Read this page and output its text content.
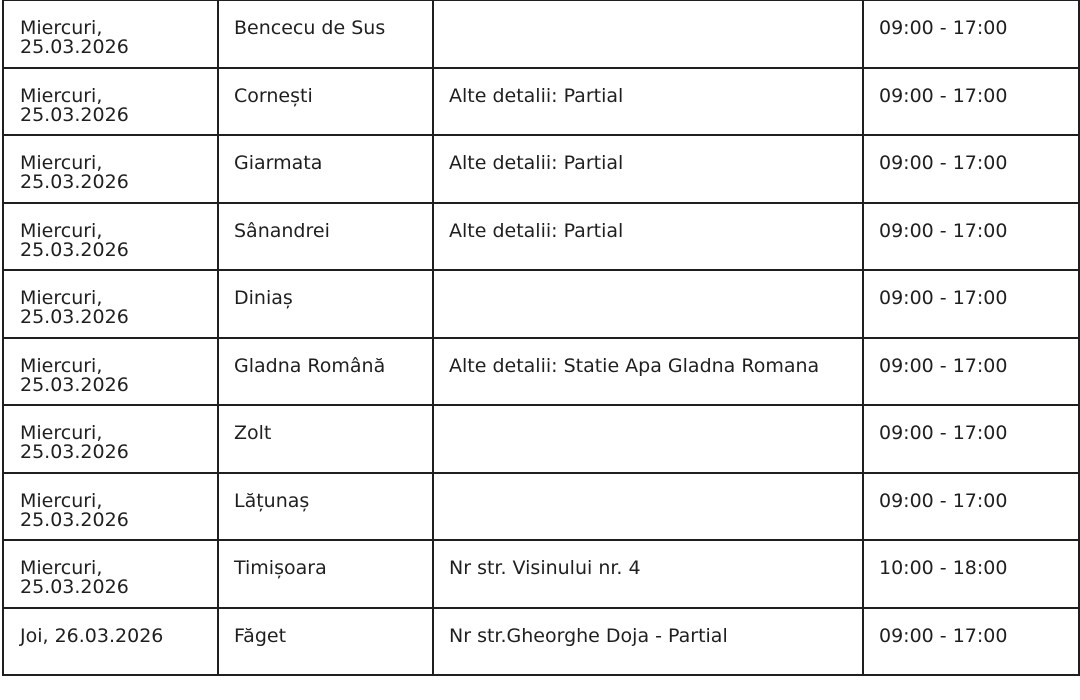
Miercuri,
25.03.2026	Bencecu de Sus		09:00 - 17:00

Miercuri,
25.03.2026	Cornești	Alte detalii: Partial	09:00 - 17:00

Miercuri,
25.03.2026	Giarmata	Alte detalii: Partial	09:00 - 17:00

Miercuri,
25.03.2026	Sânandrei	Alte detalii: Partial	09:00 - 17:00

Miercuri,
25.03.2026	Diniaș		09:00 - 17:00

Miercuri,
25.03.2026	Gladna Română	Alte detalii: Statie Apa Gladna Romana	09:00 - 17:00

Miercuri,
25.03.2026	Zolt		09:00 - 17:00

Miercuri,
25.03.2026	Lățunaș		09:00 - 17:00

Miercuri,
25.03.2026	Timișoara	Nr str. Visinului nr. 4	10:00 - 18:00

Joi, 26.03.2026	Făget	Nr str.Gheorghe Doja - Partial	09:00 - 17:00
